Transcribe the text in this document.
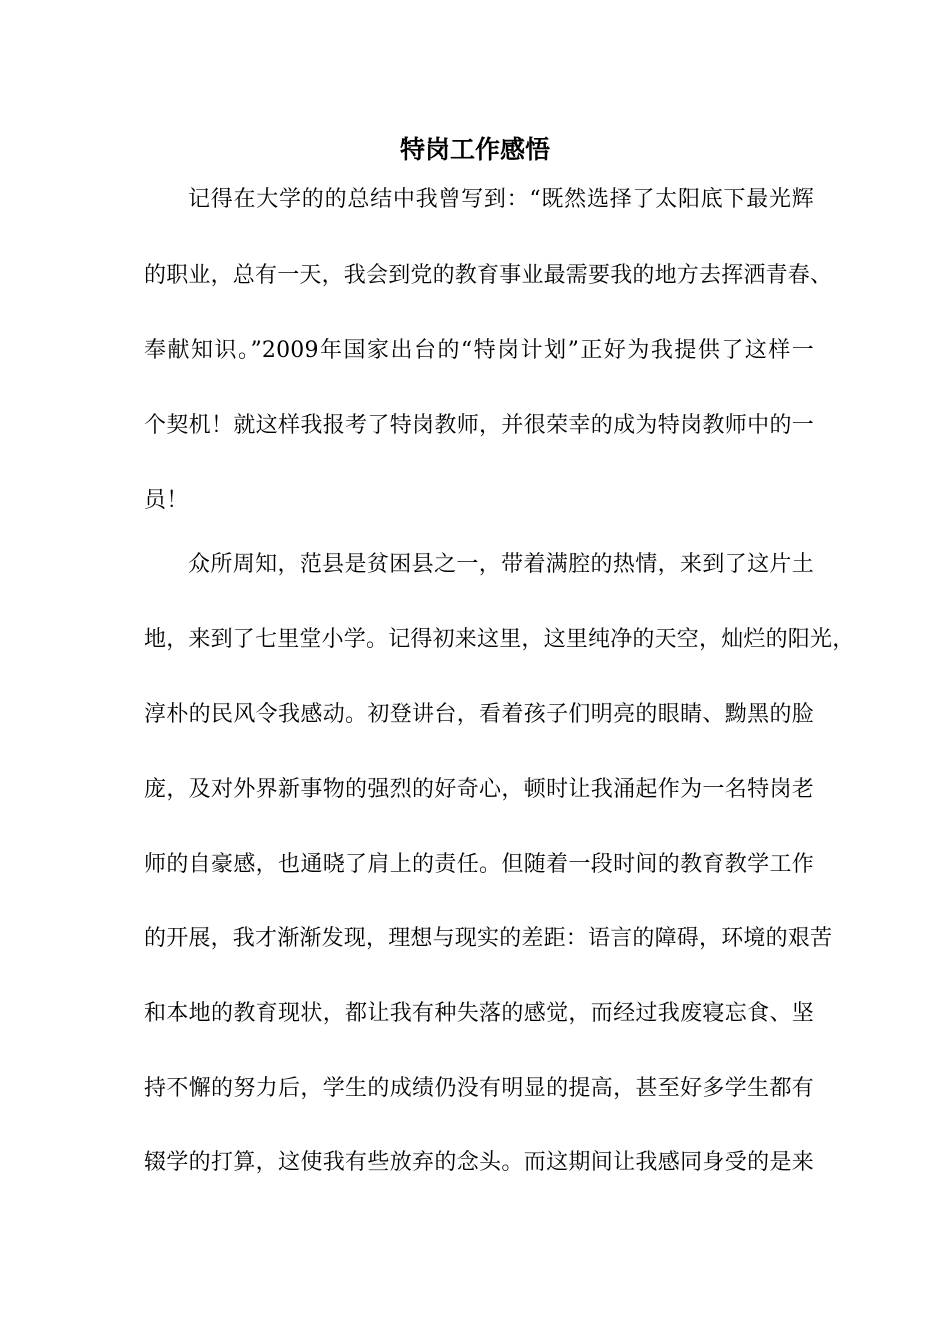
特岗工作感悟
记得在大学的的总结中我曾写到：“既然选择了太阳底下最光辉
的职业，总有一天，我会到党的教育事业最需要我的地方去挥洒青春、
奉献知识。”2009年国家出台的“特岗计划”正好为我提供了这样一
个契机！就这样我报考了特岗教师，并很荣幸的成为特岗教师中的一
员！
众所周知，范县是贫困县之一，带着满腔的热情，来到了这片土
地，来到了七里堂小学。记得初来这里，这里纯净的天空，灿烂的阳光，
淳朴的民风令我感动。初登讲台，看着孩子们明亮的眼睛、黝黑的脸
庞，及对外界新事物的强烈的好奇心，顿时让我涌起作为一名特岗老
师的自豪感，也通晓了肩上的责任。但随着一段时间的教育教学工作
的开展，我才渐渐发现，理想与现实的差距：语言的障碍，环境的艰苦
和本地的教育现状，都让我有种失落的感觉，而经过我废寝忘食、坚
持不懈的努力后，学生的成绩仍没有明显的提高，甚至好多学生都有
辍学的打算，这使我有些放弃的念头。而这期间让我感同身受的是来
